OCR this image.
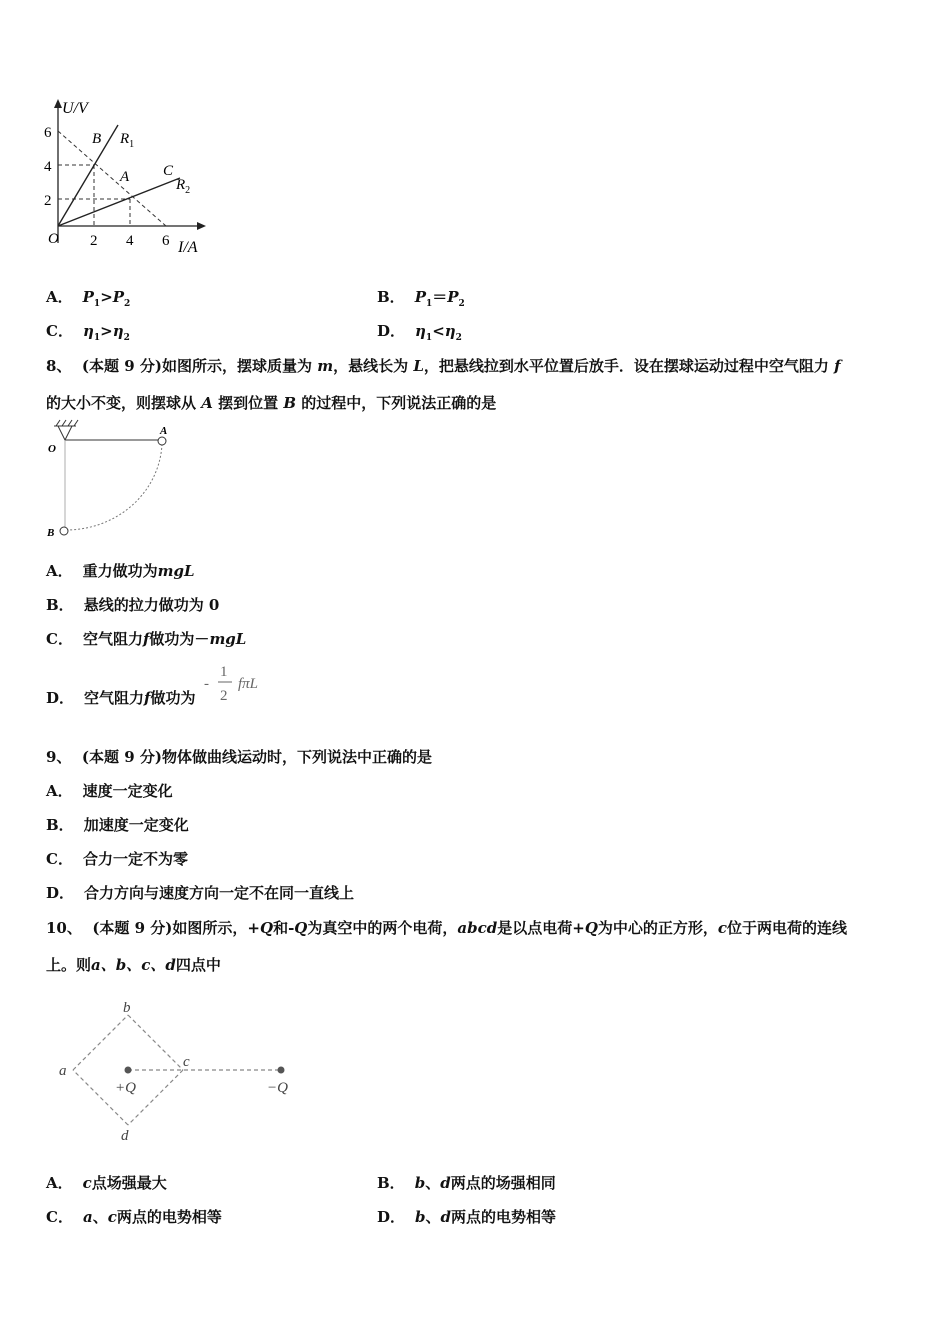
U/V
6
4
2
O 2 4 6 I/A
B $R_1$
A C
$R_2$
A． $P_1>P_2$	B． $P_1=P_2$
C． $\eta_1>\eta_2$	D． $\eta_1<\eta_2$
8、 (本题 9 分)如图所示，摆球质量为 m，悬线长为 L，把悬线拉到水平位置后放手．设在摆球运动过程中空气阻力 f
的大小不变，则摆球从 A 摆到位置 B 的过程中，下列说法正确的是
O
A
B
A． 重力做功为mgL
B． 悬线的拉力做功为 0
C． 空气阻力f做功为－mgL
D． 空气阻力f做功为
-
1
2
fπL
9、 (本题 9 分)物体做曲线运动时，下列说法中正确的是
A． 速度一定变化
B． 加速度一定变化
C． 合力一定不为零
D． 合力方向与速度方向一定不在同一直线上
10、 (本题 9 分)如图所示，+Q和-Q为真空中的两个电荷，abcd是以点电荷+Q为中心的正方形，c位于两电荷的连线
上。则a、b、c、d四点中
a
b
c
d
+Q	−Q
A． c点场强最大	B． b、d两点的场强相同
C． a、c两点的电势相等	D． b、d两点的电势相等
